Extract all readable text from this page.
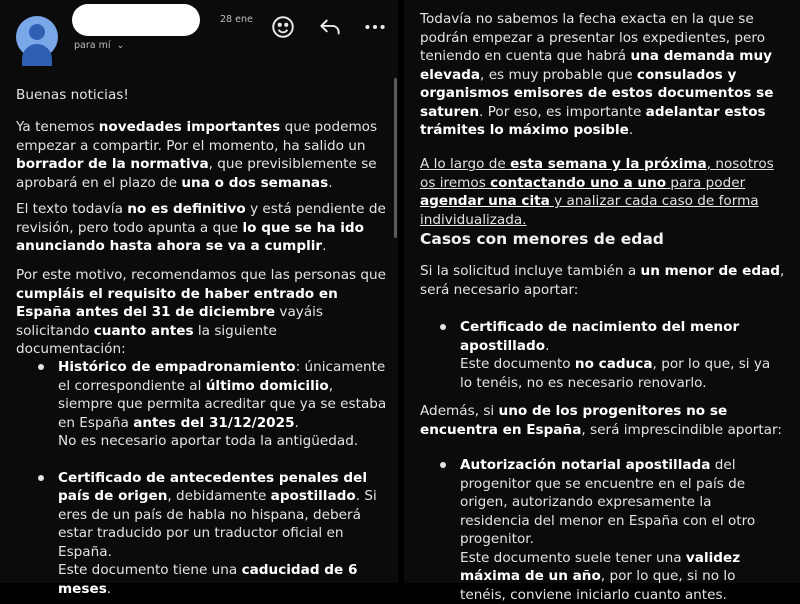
28 ene
para mí ⌄

Buenas noticias!

Ya tenemos novedades importantes que podemos empezar a compartir. Por el momento, ha salido un borrador de la normativa, que previsiblemente se aprobará en el plazo de una o dos semanas.

El texto todavía no es definitivo y está pendiente de revisión, pero todo apunta a que lo que se ha ido anunciando hasta ahora se va a cumplir.

Por este motivo, recomendamos que las personas que cumpláis el requisito de haber entrado en España antes del 31 de diciembre vayáis solicitando cuanto antes la siguiente documentación:

Histórico de empadronamiento: únicamente el correspondiente al último domicilio, siempre que permita acreditar que ya se estaba en España antes del 31/12/2025.
No es necesario aportar toda la antigüedad.

Certificado de antecedentes penales del país de origen, debidamente apostillado. Si eres de un país de habla no hispana, deberá estar traducido por un traductor oficial en España.
Este documento tiene una caducidad de 6 meses.

Todavía no sabemos la fecha exacta en la que se podrán empezar a presentar los expedientes, pero teniendo en cuenta que habrá una demanda muy elevada, es muy probable que consulados y organismos emisores de estos documentos se saturen. Por eso, es importante adelantar estos trámites lo máximo posible.

A lo largo de esta semana y la próxima, nosotros os iremos contactando uno a uno para poder agendar una cita y analizar cada caso de forma individualizada.

Casos con menores de edad

Si la solicitud incluye también a un menor de edad, será necesario aportar:

Certificado de nacimiento del menor apostillado.
Este documento no caduca, por lo que, si ya lo tenéis, no es necesario renovarlo.

Además, si uno de los progenitores no se encuentra en España, será imprescindible aportar:

Autorización notarial apostillada del progenitor que se encuentre en el país de origen, autorizando expresamente la residencia del menor en España con el otro progenitor.
Este documento suele tener una validez máxima de un año, por lo que, si no lo tenéis, conviene iniciarlo cuanto antes.
